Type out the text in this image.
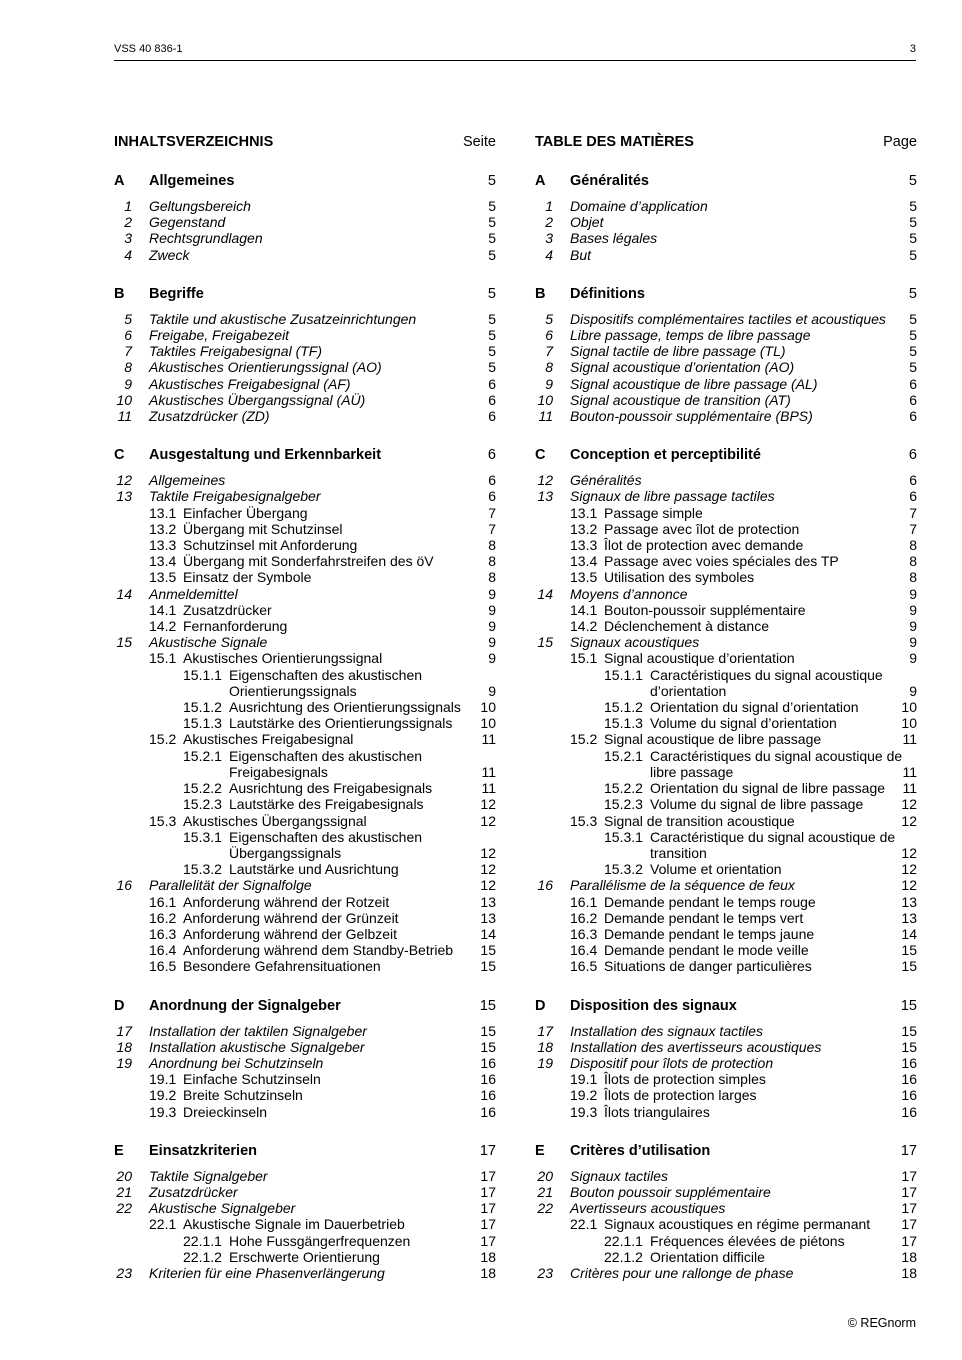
VSS 40 836-1	3
INHALTSVERZEICHNIS	Seite
A Allgemeines	5
1 Geltungsbereich	5
2 Gegenstand	5
3 Rechtsgrundlagen	5
4 Zweck	5
B Begriffe	5
5 Taktile und akustische Zusatzeinrichtungen	5
6 Freigabe, Freigabezeit	5
7 Taktiles Freigabesignal (TF)	5
8 Akustisches Orientierungssignal (AO)	5
9 Akustisches Freigabesignal (AF)	6
10 Akustisches Übergangssignal (AÜ)	6
11 Zusatzdrücker (ZD)	6
C Ausgestaltung und Erkennbarkeit	6
12 Allgemeines	6
13 Taktile Freigabesignalgeber	6
13.1 Einfacher Übergang	7
13.2 Übergang mit Schutzinsel	7
13.3 Schutzinsel mit Anforderung	8
13.4 Übergang mit Sonderfahrstreifen des öV	8
13.5 Einsatz der Symbole	8
14 Anmeldemittel	9
14.1 Zusatzdrücker	9
14.2 Fernanforderung	9
15 Akustische Signale	9
15.1 Akustisches Orientierungssignal	9
15.1.1 Eigenschaften des akustischen Orientierungssignals	9
15.1.2 Ausrichtung des Orientierungssignals	10
15.1.3 Lautstärke des Orientierungssignals	10
15.2 Akustisches Freigabesignal	11
15.2.1 Eigenschaften des akustischen Freigabesignals	11
15.2.2 Ausrichtung des Freigabesignals	11
15.2.3 Lautstärke des Freigabesignals	12
15.3 Akustisches Übergangssignal	12
15.3.1 Eigenschaften des akustischen Übergangssignals	12
15.3.2 Lautstärke und Ausrichtung	12
16 Parallelität der Signalfolge	12
16.1 Anforderung während der Rotzeit	13
16.2 Anforderung während der Grünzeit	13
16.3 Anforderung während der Gelbzeit	14
16.4 Anforderung während dem Standby-Betrieb	15
16.5 Besondere Gefahrensituationen	15
D Anordnung der Signalgeber	15
17 Installation der taktilen Signalgeber	15
18 Installation akustische Signalgeber	15
19 Anordnung bei Schutzinseln	16
19.1 Einfache Schutzinseln	16
19.2 Breite Schutzinseln	16
19.3 Dreieckinseln	16
E Einsatzkriterien	17
20 Taktile Signalgeber	17
21 Zusatzdrücker	17
22 Akustische Signalgeber	17
22.1 Akustische Signale im Dauerbetrieb	17
22.1.1 Hohe Fussgängerfrequenzen	17
22.1.2 Erschwerte Orientierung	18
23 Kriterien für eine Phasenverlängerung	18
TABLE DES MATIÈRES	Page
A Généralités	5
1 Domaine d’application	5
2 Objet	5
3 Bases légales	5
4 But	5
B Définitions	5
5 Dispositifs complémentaires tactiles et acoustiques	5
6 Libre passage, temps de libre passage	5
7 Signal tactile de libre passage (TL)	5
8 Signal acoustique d’orientation (AO)	5
9 Signal acoustique de libre passage (AL)	6
10 Signal acoustique de transition (AT)	6
11 Bouton-poussoir supplémentaire (BPS)	6
C Conception et perceptibilité	6
12 Généralités	6
13 Signaux de libre passage tactiles	6
13.1 Passage simple	7
13.2 Passage avec îlot de protection	7
13.3 Îlot de protection avec demande	8
13.4 Passage avec voies spéciales des TP	8
13.5 Utilisation des symboles	8
14 Moyens d’annonce	9
14.1 Bouton-poussoir supplémentaire	9
14.2 Déclenchement à distance	9
15 Signaux acoustiques	9
15.1 Signal acoustique d’orientation	9
15.1.1 Caractéristiques du signal acoustique d’orientation	9
15.1.2 Orientation du signal d’orientation	10
15.1.3 Volume du signal d’orientation	10
15.2 Signal acoustique de libre passage	11
15.2.1 Caractéristiques du signal acoustique de libre passage	11
15.2.2 Orientation du signal de libre passage	11
15.2.3 Volume du signal de libre passage	12
15.3 Signal de transition acoustique	12
15.3.1 Caractéristique du signal acoustique de transition	12
15.3.2 Volume et orientation	12
16 Parallélisme de la séquence de feux	12
16.1 Demande pendant le temps rouge	13
16.2 Demande pendant le temps vert	13
16.3 Demande pendant le temps jaune	14
16.4 Demande pendant le mode veille	15
16.5 Situations de danger particulières	15
D Disposition des signaux	15
17 Installation des signaux tactiles	15
18 Installation des avertisseurs acoustiques	15
19 Dispositif pour îlots de protection	16
19.1 Îlots de protection simples	16
19.2 Îlots de protection larges	16
19.3 Îlots triangulaires	16
E Critères d’utilisation	17
20 Signaux tactiles	17
21 Bouton poussoir supplémentaire	17
22 Avertisseurs acoustiques	17
22.1 Signaux acoustiques en régime permanant	17
22.1.1 Fréquences élevées de piétons	17
22.1.2 Orientation difficile	18
23 Critères pour une rallonge de phase	18
© REGnorm
